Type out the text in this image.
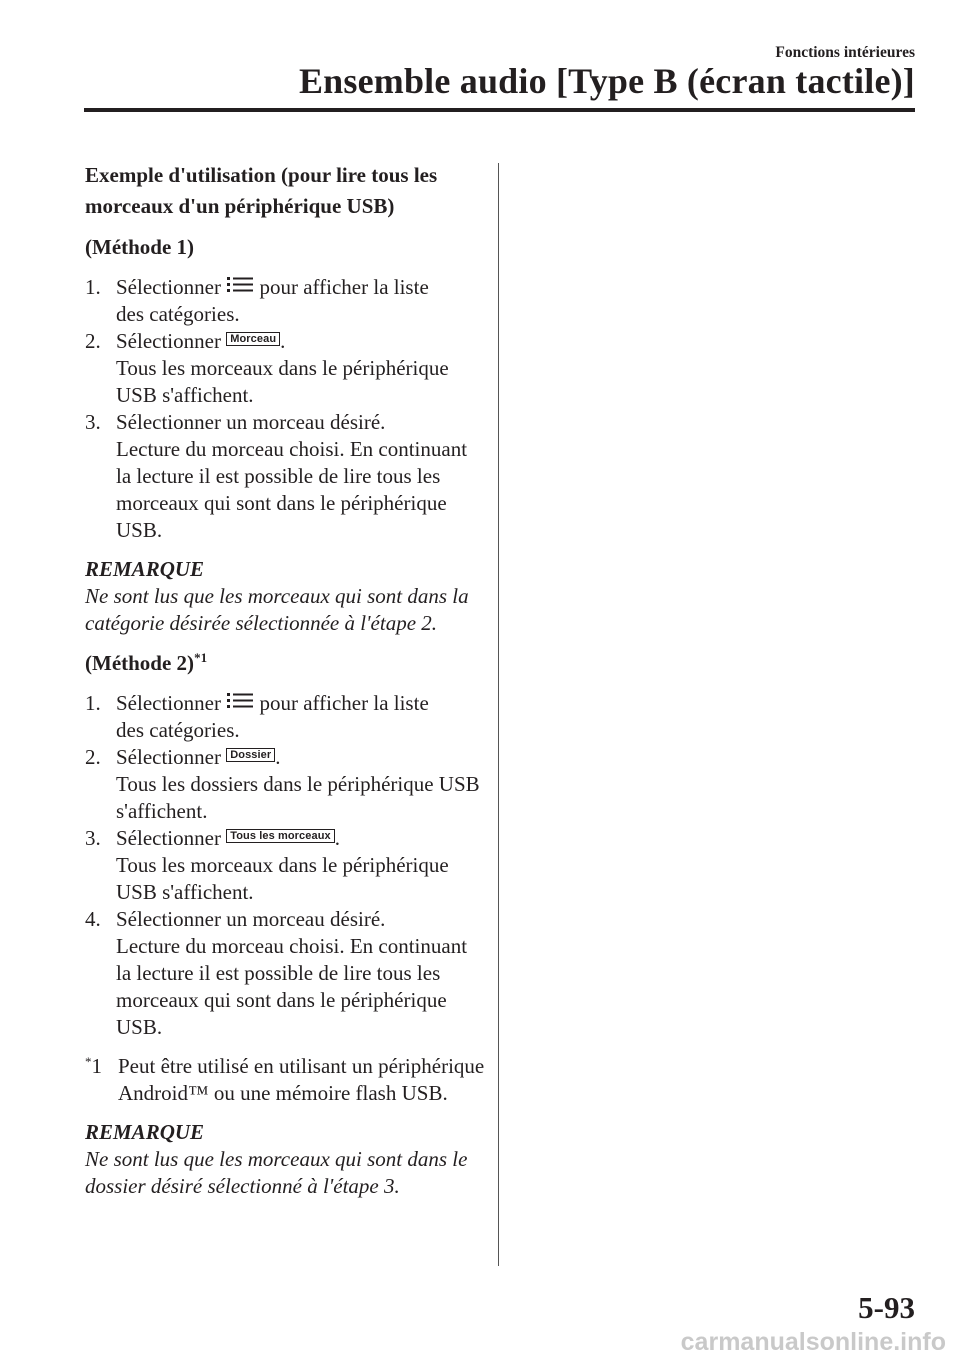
Fonctions intérieures
Ensemble audio [Type B (écran tactile)]

Exemple d'utilisation (pour lire tous les morceaux d'un périphérique USB)

(Méthode 1)

1. Sélectionner  pour afficher la liste
des catégories.

2. Sélectionner Morceau .
Tous les morceaux dans le périphérique USB s'affichent.

3. Sélectionner un morceau désiré.
Lecture du morceau choisi. En continuant la lecture il est possible de lire tous les morceaux qui sont dans le périphérique USB.

REMARQUE

Ne sont lus que les morceaux qui sont dans la catégorie désirée sélectionnée à l'étape 2.

(Méthode 2)$^{*1}$

1. Sélectionner  pour afficher la liste
des catégories.

2. Sélectionner Dossier .
Tous les dossiers dans le périphérique USB s'affichent.

3. Sélectionner Tous les morceaux .
Tous les morceaux dans le périphérique USB s'affichent.

4. Sélectionner un morceau désiré.
Lecture du morceau choisi. En continuant la lecture il est possible de lire tous les morceaux qui sont dans le périphérique USB.

*1 Peut être utilisé en utilisant un périphérique Android™ ou une mémoire flash USB.

REMARQUE

Ne sont lus que les morceaux qui sont dans le dossier désiré sélectionné à l'étape 3.

5-93
carmanualsonline.info
